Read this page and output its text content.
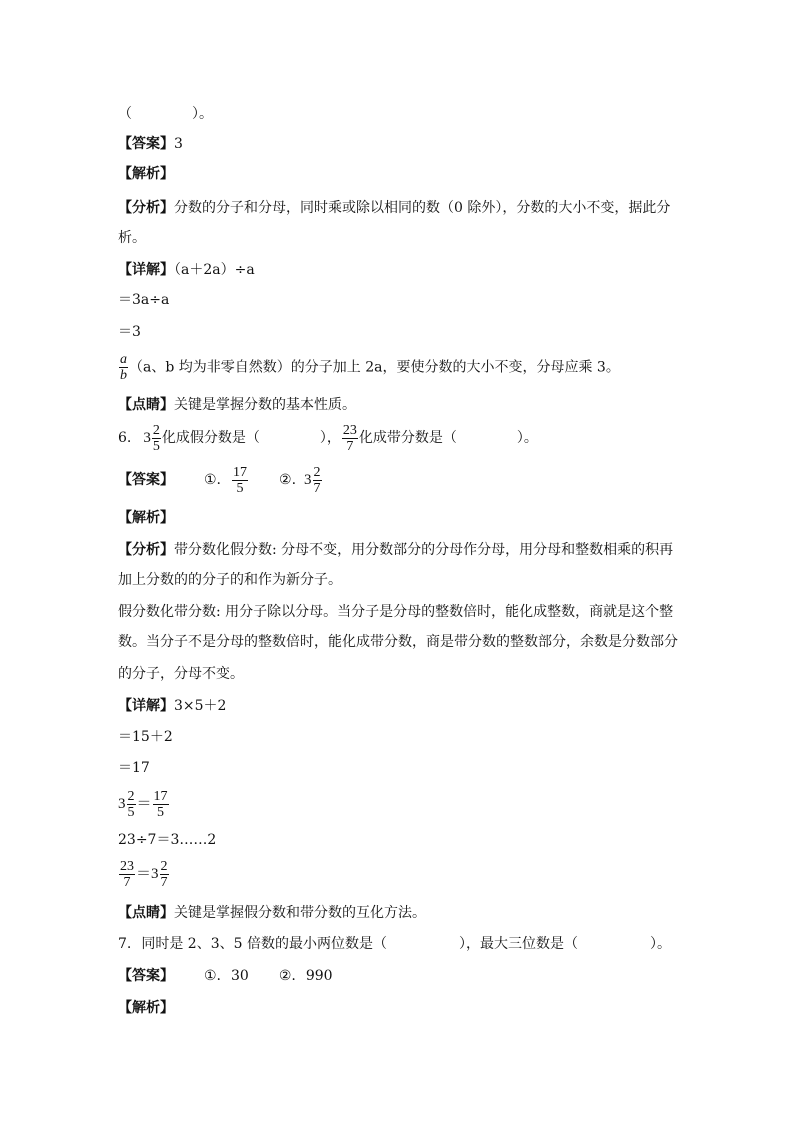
（	）。
【答案】3
【解析】
【分析】分数的分子和分母，同时乘或除以相同的数（0 除外），分数的大小不变，据此分
析。
【详解】（a＋2a）÷a
＝3a÷a
＝3
$\frac{a}{b} (a$、b 均为非零自然数）的分子加上 2a，要使分数的大小不变，分母应乘 3。
【点睛】关键是掌握分数的基本性质。
6. $3 \frac{2}{5}$ 化成假分数是（	）， $\frac{23}{7}$ 化成带分数是（	）。
【答案】 ①. $\frac{17}{5}$ ②. $3 \frac{2}{7}$
【解析】
【分析】带分数化假分数: 分母不变，用分数部分的分母作分母，用分母和整数相乘的积再
加上分数的的分子的和作为新分子。
假分数化带分数: 用分子除以分母。当分子是分母的整数倍时，能化成整数，商就是这个整
数。当分子不是分母的整数倍时，能化成带分数，商是带分数的整数部分，余数是分数部分
的分子，分母不变。
【详解】3×5＋2
＝15＋2
＝17
$3 \frac{2}{5} = \frac{17}{5}$
23÷7＝3……2
$\frac{23}{7} =3 \frac{2}{7}$
【点睛】关键是掌握假分数和带分数的互化方法。
7. 同时是 2、3、5 倍数的最小两位数是（	），最大三位数是（	）。
【答案】 ①. 30 ②. 990
【解析】
